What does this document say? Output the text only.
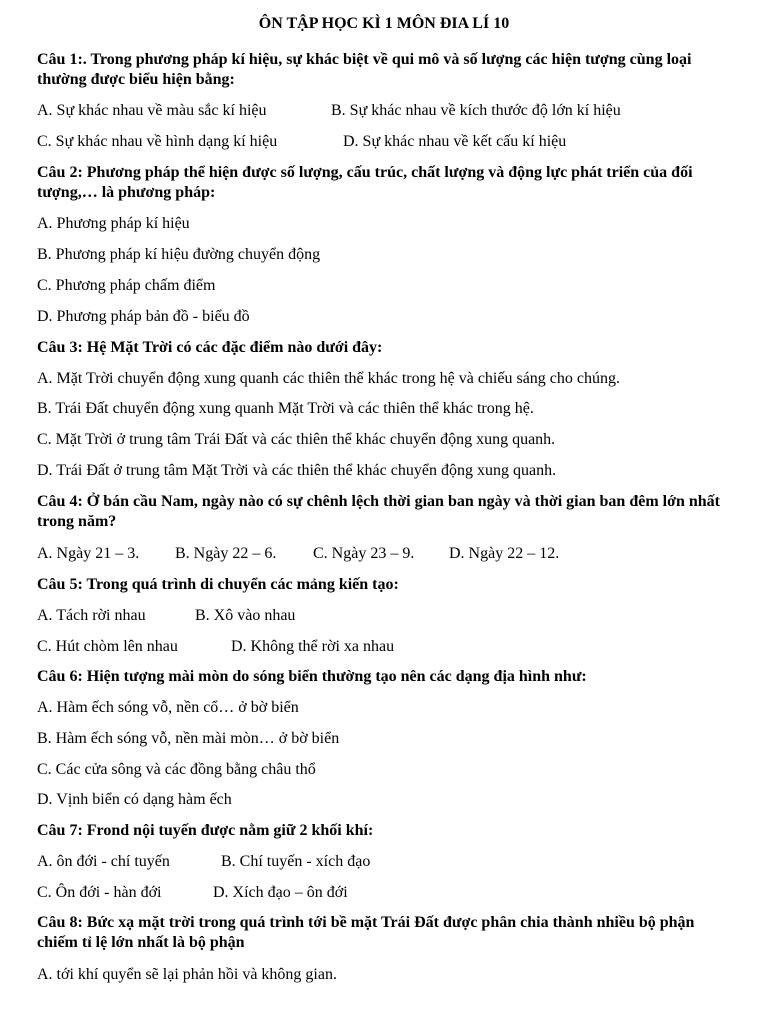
ÔN TẬP HỌC KÌ 1 MÔN ĐIA LÍ 10
Câu 1:. Trong phương pháp kí hiệu, sự khác biệt về qui mô và số lượng các hiện tượng cùng loại thường được biểu hiện bằng:
A. Sự khác nhau về màu sắc kí hiệu	B. Sự khác nhau về kích thước độ lớn kí hiệu
C. Sự khác nhau về hình dạng kí hiệu	D. Sự khác nhau về kết cấu kí hiệu
Câu 2: Phương pháp thể hiện được số lượng, cấu trúc, chất lượng và động lực phát triển của đối tượng,… là phương pháp:
A. Phương pháp kí hiệu
B. Phương pháp kí hiệu đường chuyển động
C. Phương pháp chấm điểm
D. Phương pháp bản đồ - biểu đồ
Câu 3: Hệ Mặt Trời có các đặc điểm nào dưới đây:
A. Mặt Trời chuyển động xung quanh các thiên thể khác trong hệ và chiếu sáng cho chúng.
B. Trái Đất chuyển động xung quanh Mặt Trời và các thiên thể khác trong hệ.
C. Mặt Trời ở trung tâm Trái Đất và các thiên thể khác chuyển động xung quanh.
D. Trái Đất ở trung tâm Mặt Trời và các thiên thể khác chuyển động xung quanh.
Câu 4: Ở bán cầu Nam, ngày nào có sự chênh lệch thời gian ban ngày và thời gian ban đêm lớn nhất trong năm?
A. Ngày 21 – 3. B. Ngày 22 – 6. C. Ngày 23 – 9. D. Ngày 22 – 12.
Câu 5: Trong quá trình di chuyển các mảng kiến tạo:
A. Tách rời nhau	B. Xô vào nhau
C. Hút chòm lên nhau	D. Không thể rời xa nhau
Câu 6: Hiện tượng mài mòn do sóng biển thường tạo nên các dạng địa hình như:
A. Hàm ếch sóng vỗ, nền cổ… ở bờ biển
B. Hàm ếch sóng vỗ, nền mài mòn… ở bờ biển
C. Các cửa sông và các đồng bằng châu thổ
D. Vịnh biển có dạng hàm ếch
Câu 7: Frond nội tuyến được nằm giữ 2 khối khí:
A. ôn đới - chí tuyến	B. Chí tuyến - xích đạo
C. Ôn đới - hàn đới	D. Xích đạo – ôn đới
Câu 8: Bức xạ mặt trời trong quá trình tới bề mặt Trái Đất được phân chia thành nhiều bộ phận chiếm tỉ lệ lớn nhất là bộ phận
A. tới khí quyển sẽ lại phản hồi và không gian.
